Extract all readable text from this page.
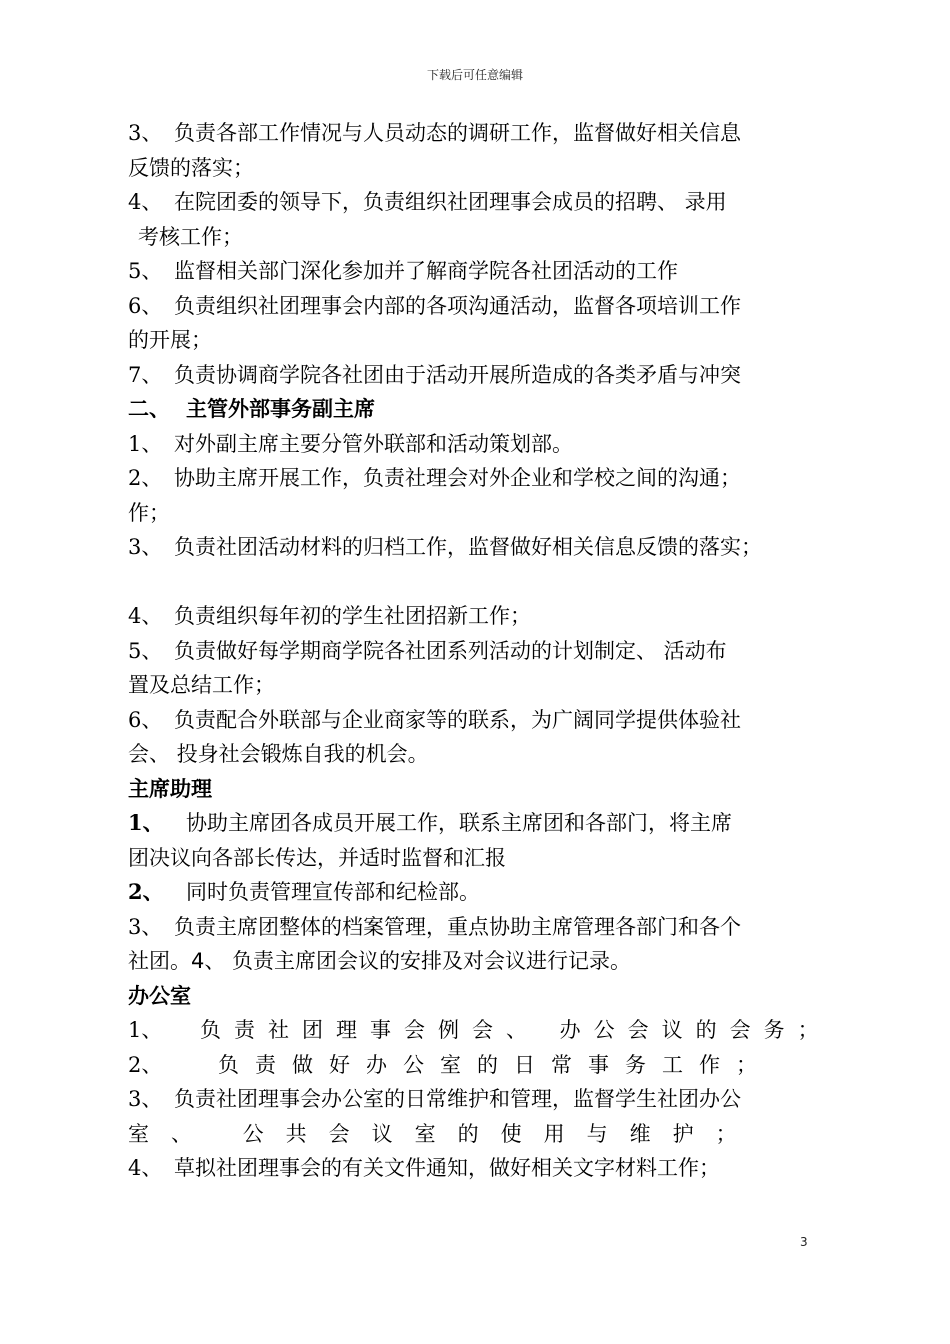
下载后可任意编辑
3、 负责各部工作情况与人员动态的调研工作，监督做好相关信息
反馈的落实；
4、 在院团委的领导下，负责组织社团理事会成员的招聘、 录用
考核工作；
5、 监督相关部门深化参加并了解商学院各社团活动的工作
6、 负责组织社团理事会内部的各项沟通活动，监督各项培训工作
的开展；
7、 负责协调商学院各社团由于活动开展所造成的各类矛盾与冲突
二、 主管外部事务副主席
1、 对外副主席主要分管外联部和活动策划部。
2、 协助主席开展工作，负责社理会对外企业和学校之间的沟通；
作；
3、 负责社团活动材料的归档工作，监督做好相关信息反馈的落实；
4、 负责组织每年初的学生社团招新工作；
5、 负责做好每学期商学院各社团系列活动的计划制定、 活动布
置及总结工作；
6、 负责配合外联部与企业商家等的联系，为广阔同学提供体验社
会、 投身社会锻炼自我的机会。
主席助理
1、 协助主席团各成员开展工作，联系主席团和各部门，将主席
团决议向各部长传达，并适时监督和汇报
2、 同时负责管理宣传部和纪检部。
3、 负责主席团整体的档案管理，重点协助主席管理各部门和各个
社团。4、 负责主席团会议的安排及对会议进行记录。
办公室
1、 负责社团理事会例会、 办公会议的会务；
2、	负责做好办公室的日常事务工作；
3、 负责社团理事会办公室的日常维护和管理，监督学生社团办公
室、 公共会议室的使用与维护；
4、 草拟社团理事会的有关文件通知，做好相关文字材料工作；
3
